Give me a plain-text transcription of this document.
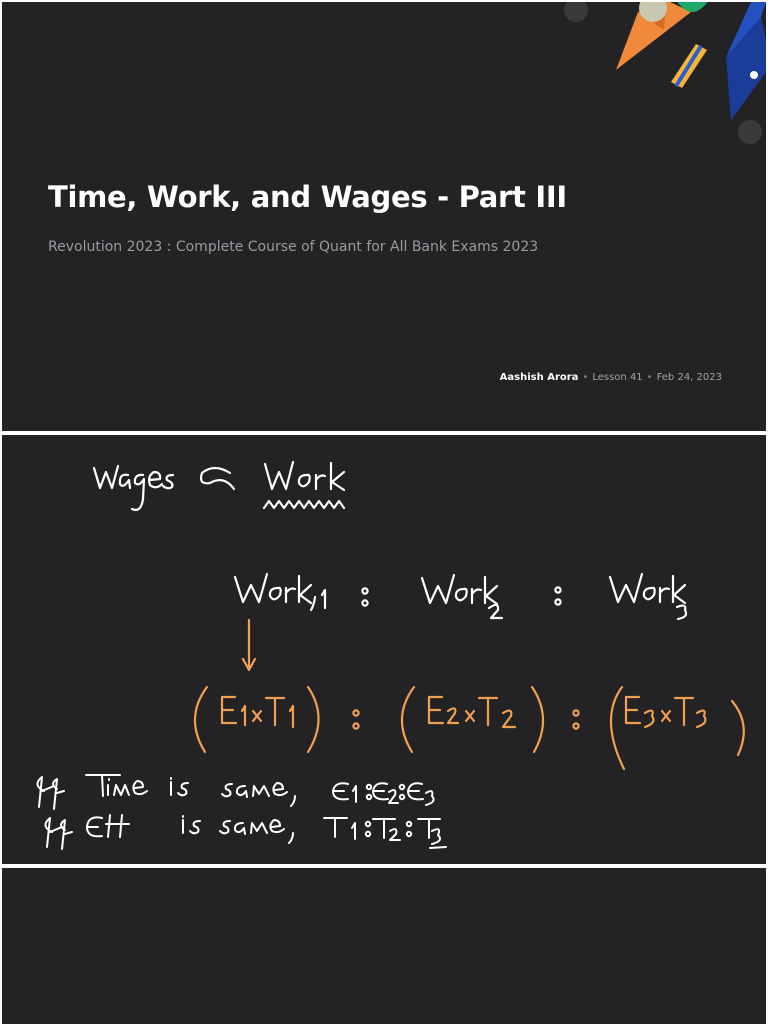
Time, Work, and Wages - Part III
Revolution 2023 : Complete Course of Quant for All Bank Exams 2023
Aashish Arora • Lesson 41 • Feb 24, 2023
